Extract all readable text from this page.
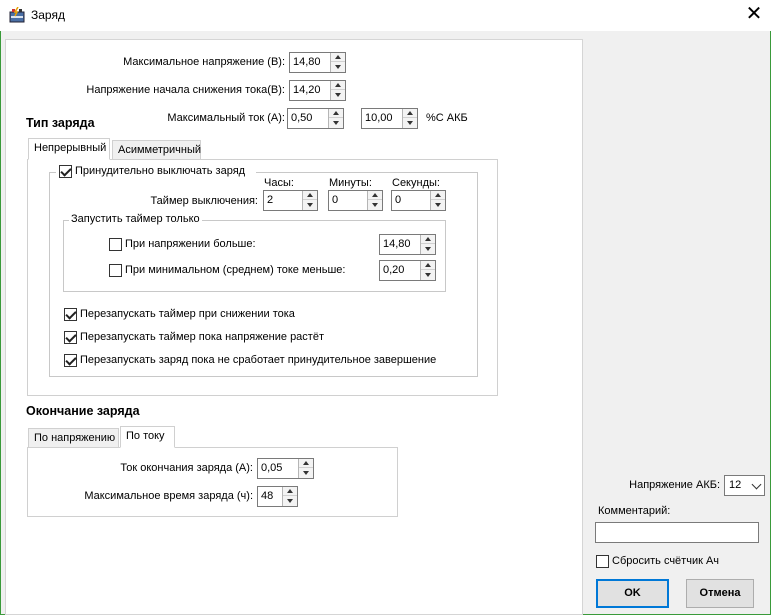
Заряд	✕
Максимальное напряжение (В): 14,80
Напряжение начала снижения тока(В): 14,20
Тип заряда	Максимальный ток (А): 0,50	10,00	%С АКБ
Непрерывный	Асимметричный
Принудительно выключать заряд
Часы:	Минуты: Секунды:
Таймер выключения: 2	0	0
Запустить таймер только
При напряжении больше:	14,80
При минимальном (среднем) токе меньше:	0,20
Перезапускать таймер при снижении тока
Перезапускать таймер пока напряжение растёт
Перезапускать заряд пока не сработает принудительное завершение
Окончание заряда
По напряжению По току
Ток окончания заряда (А): 0,05
Максимальное время заряда (ч): 48
Напряжение АКБ: 12
Комментарий:
Сбросить счётчик Ач
OK	Отмена
